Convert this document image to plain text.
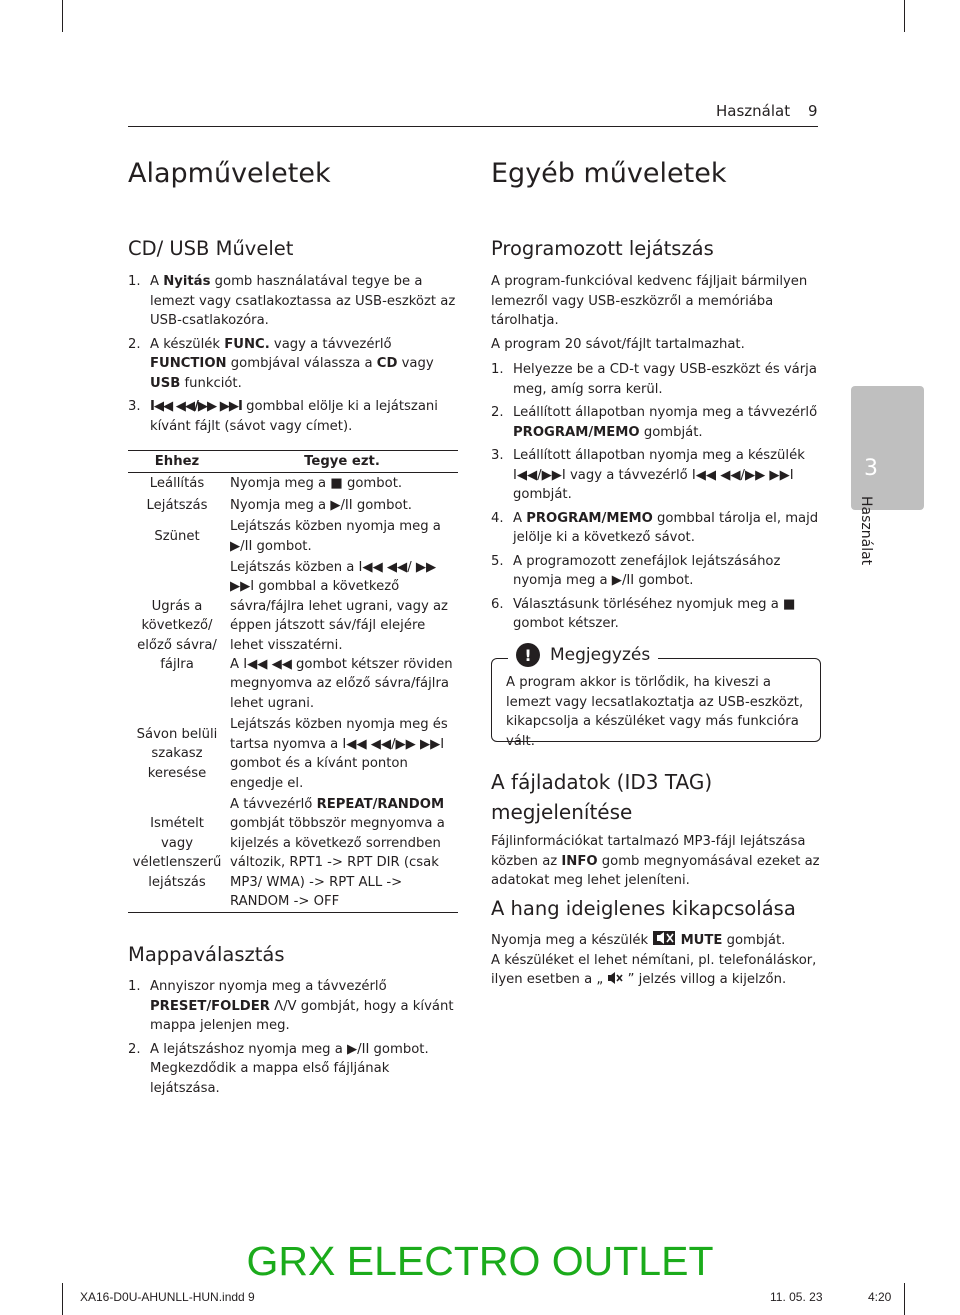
Használat 9
Alapműveletek
CD/ USB Művelet
1. A Nyitás gomb használatával tegye be a lemezt vagy csatlakoztassa az USB-eszközt az USB-csatlakozóra.
2. A készülék FUNC. vagy a távvezérlő FUNCTION gombjával válassza a CD vagy USB funkciót.
3. I◀◀ ◀◀/▶▶ ▶▶I gombbal elölje ki a lejátszani kívánt fájlt (sávot vagy címet).
Ehhez	Tegye ezt.
Leállítás	Nyomja meg a ■ gombot.
Lejátszás	Nyomja meg a ▶/II gombot.
Szünet	Lejátszás közben nyomja meg a ▶/II gombot.
Ugrás a következő/ előző sávra/ fájlra	Lejátszás közben a I◀◀ ◀◀/ ▶▶ ▶▶I gombbal a következő sávra/fájlra lehet ugrani, vagy az éppen játszott sáv/fájl elejére lehet visszatérni.
A I◀◀ ◀◀ gombot kétszer röviden megnyomva az előző sávra/fájlra lehet ugrani.

Sávon belüli szakasz keresése	Lejátszás közben nyomja meg és tartsa nyomva a I◀◀ ◀◀/▶▶ ▶▶I gombot és a kívánt ponton engedje el.
Ismételt vagy véletlenszerű lejátszás	A távvezérlő REPEAT/RANDOM gombját többször megnyomva a kijelzés a következő sorrendben változik, RPT1 -> RPT DIR (csak MP3/ WMA) -> RPT ALL -> RANDOM -> OFF
Mappaválasztás
1. Annyiszor nyomja meg a távvezérlő PRESET/FOLDER Λ/V gombját, hogy a kívánt mappa jelenjen meg.
2. A lejátszáshoz nyomja meg a ▶/II gombot. Megkezdődik a mappa első fájljának lejátszása.
Egyéb műveletek
Programozott lejátszás
A program-funkcióval kedvenc fájljait bármilyen lemezről vagy USB-eszközről a memóriába tárolhatja.
A program 20 sávot/fájlt tartalmazhat.
1. Helyezze be a CD-t vagy USB-eszközt és várja meg, amíg sorra kerül.
2. Leállított állapotban nyomja meg a távvezérlő PROGRAM/MEMO gombját.
3. Leállított állapotban nyomja meg a készülék I◀◀/▶▶I vagy a távvezérlő I◀◀ ◀◀/▶▶ ▶▶I gombját.
4. A PROGRAM/MEMO gombbal tárolja el, majd jelölje ki a következő sávot.
5. A programozott zenefájlok lejátszásához nyomja meg a ▶/II gombot.
6. Választásunk törléséhez nyomjuk meg a ■ gombot kétszer.
A program akkor is törlődik, ha kiveszi a lemezt vagy lecsatlakoztatja az USB-eszközt, kikapcsolja a készüléket vagy más funkcióra vált.
!	Megjegyzés
A fájladatok (ID3 TAG) megjelenítése
Fájlinformációkat tartalmazó MP3-fájl lejátszása közben az INFO gomb megnyomásával ezeket az adatokat meg lehet jeleníteni.
A hang ideiglenes kikapcsolása
Nyomja meg a készülék  MUTE gombját.
A készüléket el lehet némítani, pl. telefonáláskor, ilyen esetben a „ ” jelzés villog a kijelzőn.
3
Használat
GRX ELECTRO OUTLET
XA16-D0U-AHUNLL-HUN.indd 9	11. 05. 23	4:20
